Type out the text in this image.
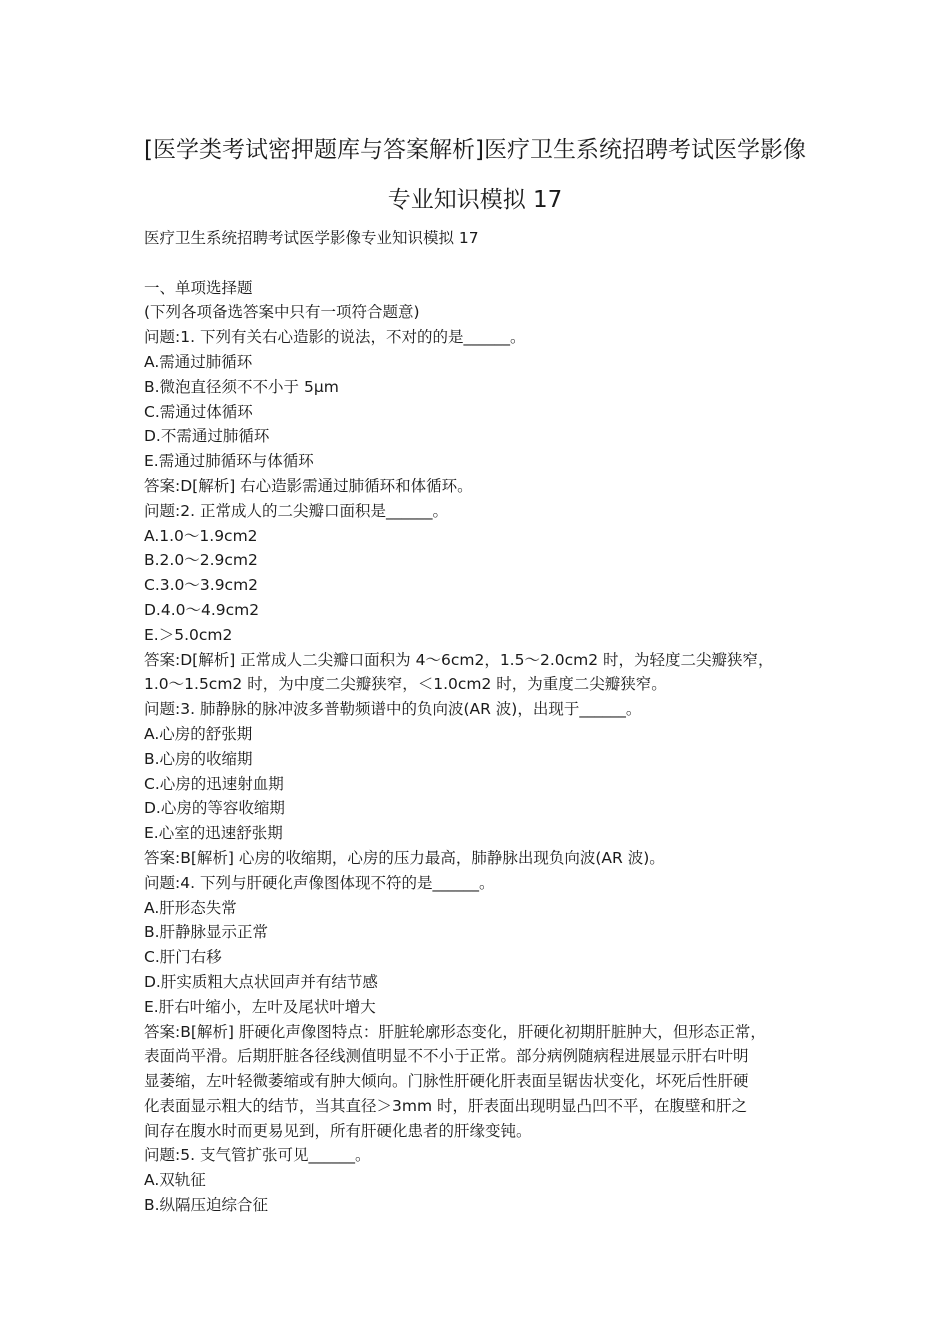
[医学类考试密押题库与答案解析]医疗卫生系统招聘考试医学影像
专业知识模拟 17
医疗卫生系统招聘考试医学影像专业知识模拟 17
一、单项选择题
(下列各项备选答案中只有一项符合题意)
问题:1. 下列有关右心造影的说法，不对的的是______。
A.需通过肺循环
B.微泡直径须不不小于 5μm
C.需通过体循环
D.不需通过肺循环
E.需通过肺循环与体循环
答案:D[解析] 右心造影需通过肺循环和体循环。
问题:2. 正常成人的二尖瓣口面积是______。
A.1.0～1.9cm2
B.2.0～2.9cm2
C.3.0～3.9cm2
D.4.0～4.9cm2
E.＞5.0cm2
答案:D[解析] 正常成人二尖瓣口面积为 4～6cm2，1.5～2.0cm2 时，为轻度二尖瓣狭窄，
1.0～1.5cm2 时，为中度二尖瓣狭窄，＜1.0cm2 时，为重度二尖瓣狭窄。
问题:3. 肺静脉的脉冲波多普勒频谱中的负向波(AR 波)，出现于______。
A.心房的舒张期
B.心房的收缩期
C.心房的迅速射血期
D.心房的等容收缩期
E.心室的迅速舒张期
答案:B[解析] 心房的收缩期，心房的压力最高，肺静脉出现负向波(AR 波)。
问题:4. 下列与肝硬化声像图体现不符的是______。
A.肝形态失常
B.肝静脉显示正常
C.肝门右移
D.肝实质粗大点状回声并有结节感
E.肝右叶缩小，左叶及尾状叶增大
答案:B[解析] 肝硬化声像图特点：肝脏轮廓形态变化，肝硬化初期肝脏肿大，但形态正常，
表面尚平滑。后期肝脏各径线测值明显不不小于正常。部分病例随病程进展显示肝右叶明
显萎缩，左叶轻微萎缩或有肿大倾向。门脉性肝硬化肝表面呈锯齿状变化，坏死后性肝硬
化表面显示粗大的结节，当其直径＞3mm 时，肝表面出现明显凸凹不平，在腹壁和肝之
间存在腹水时而更易见到，所有肝硬化患者的肝缘变钝。
问题:5. 支气管扩张可见______。
A.双轨征
B.纵隔压迫综合征
